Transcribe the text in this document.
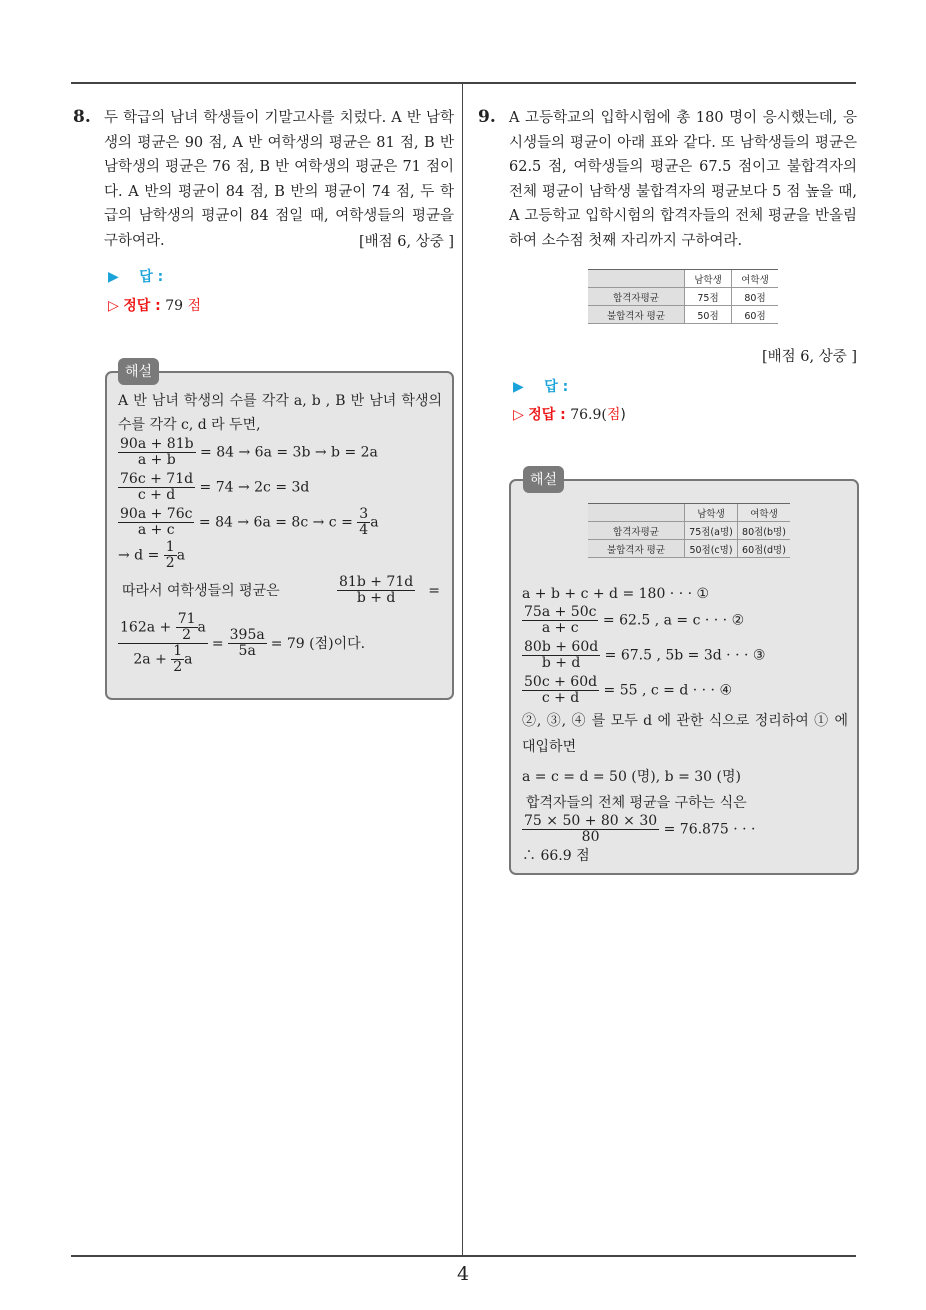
4
8. 두 학급의 남녀 학생들이 기말고사를 치렀다. A 반 남학생의 평균은 90 점, A 반 여학생의 평균은 81 점, B 반 남학생의 평균은 76 점, B 반 여학생의 평균은 71 점이다. A 반의 평균이 84 점, B 반의 평균이 74 점, 두 학급의 남학생의 평균이 84 점일 때, 여학생들의 평균을 구하여라.	[배점 6, 상중 ]
▶ 답 :
▷ 정답 : 79 점
해설
A 반 남녀 학생의 수를 각각 a, b , B 반 남녀 학생의 수를 각각 c, d 라 두면,
$\frac{90a + 81b}{a + b} = 84 \to 6a = 3b \to b = 2a$
$\frac{76c + 71d}{c + d} = 74 \to 2c = 3d$
$\frac{90a + 76c}{a + c} = 84 \to 6a = 8c \to c = \frac{3}{4}$ a
→ $d = \frac{1}{2}$ a
따라서 여학생들의 평균은	$\frac{81b + 71d}{b + d}$ =
$\frac{162a + \frac{71}{2} a}{2a + \frac{1}{2} a} = \frac{395a}{5a} = 79$ (점)이다.
9. A 고등학교의 입학시험에 총 180 명이 응시했는데, 응시생들의 평균이 아래 표와 같다. 또 남학생들의 평균은 62.5 점, 여학생들의 평균은 67.5 점이고 불합격자의 전체 평균이 남학생 불합격자의 평균보다 5 점 높을 때, A 고등학교 입학시험의 합격자들의 전체 평균을 반올림하여 소수점 첫째 자리까지 구하여라.
	남학생	여학생
합격자평균	75점	80점
불합격자 평균	50점	60점
[배점 6, 상중 ]
▶ 답 :
▷ 정답 : 76.9(점)
해설
	남학생	여학생
합격자평균	75점(a명)	80점(b명)
불합격자 평균	50점(c명)	60점(d명)
a + b + c + d = 180 · · · ①
$\frac{75a + 50c}{a + c} = 62.5$ , a = c · · · ②
$\frac{80b + 60d}{b + d} = 67.5$ , 5b = 3d · · · ③
$\frac{50c + 60d}{c + d} = 55$ , c = d · · · ④
②, ③, ④ 를 모두 d 에 관한 식으로 정리하여 ① 에 대입하면
a = c = d = 50 (명), b = 30 (명)
합격자들의 전체 평균을 구하는 식은
$\frac{75 \times 50 + 80 \times 30}{80} = 76.875$ · · ·
∴ 66.9 점
